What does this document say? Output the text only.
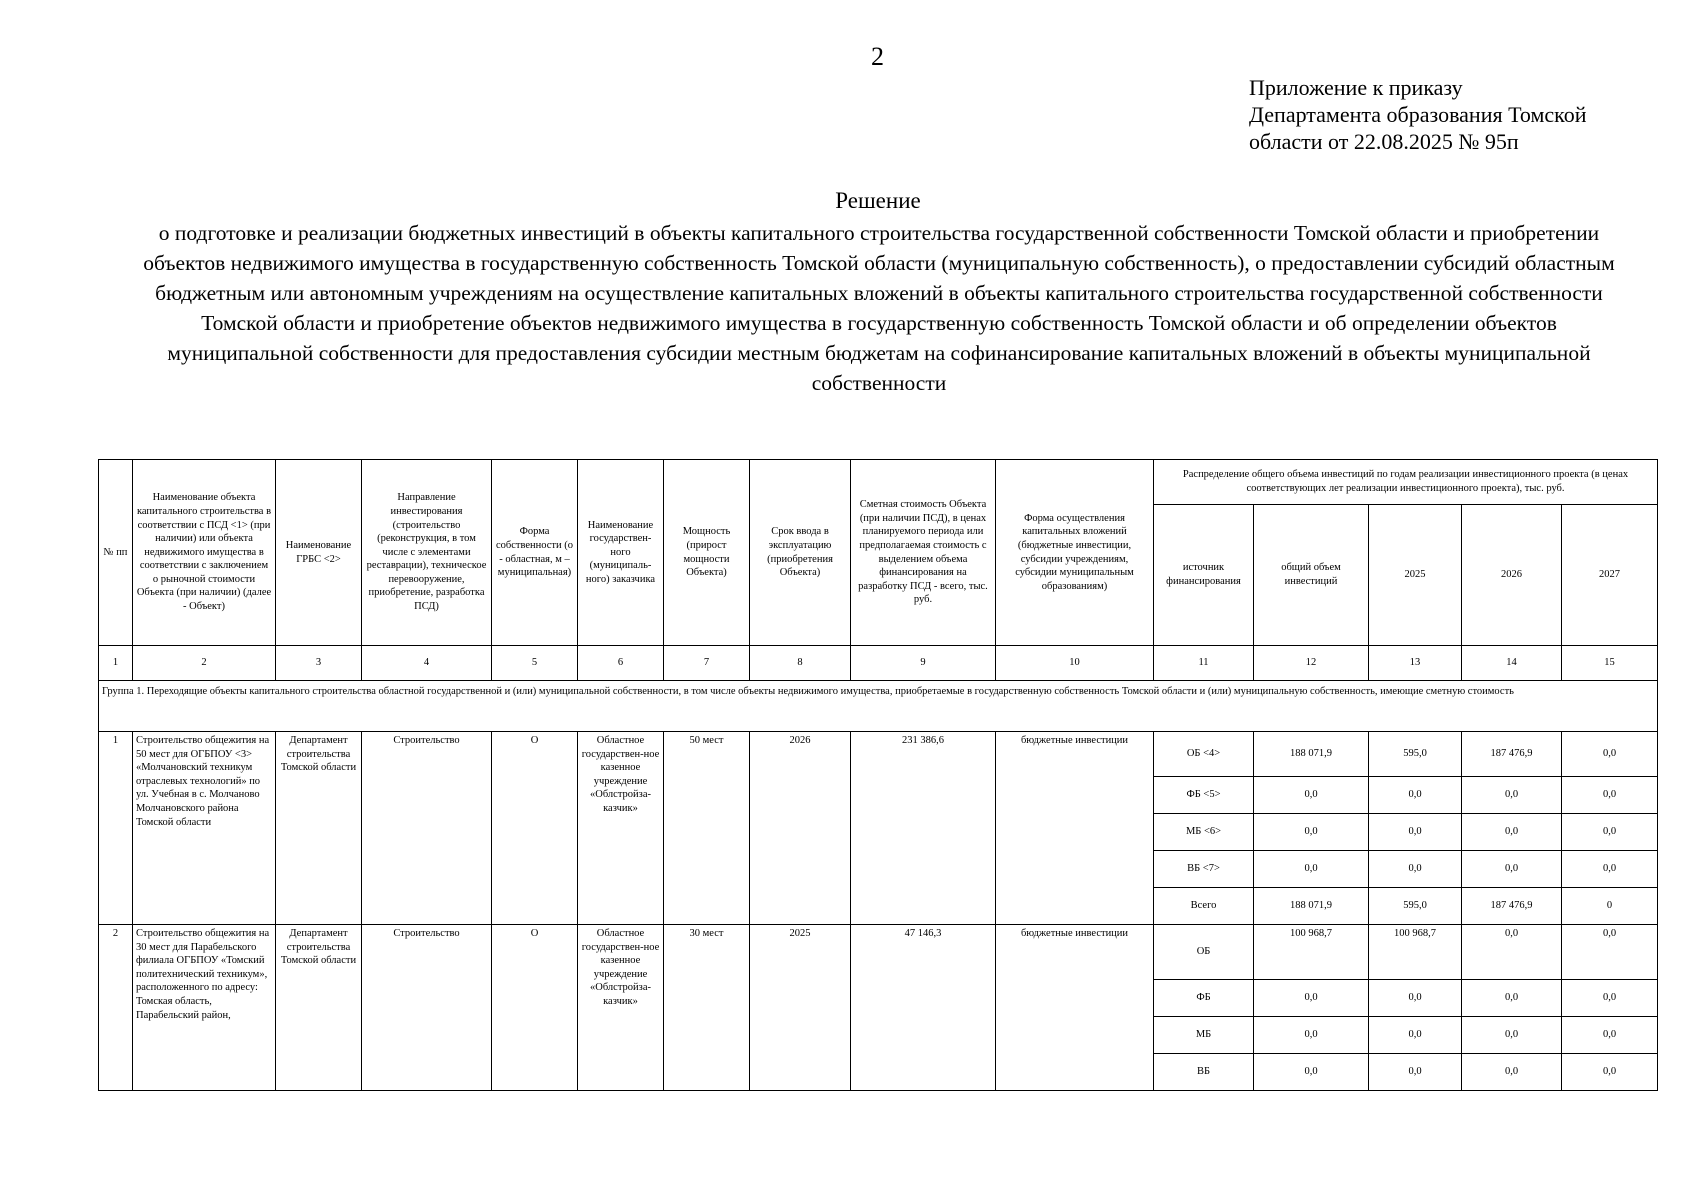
2
Приложение к приказу
Департамента образования Томской
области от 22.08.2025 № 95п
Решение
о подготовке и реализации бюджетных инвестиций в объекты капитального строительства государственной собственности Томской области и приобретении объектов недвижимого имущества в государственную собственность Томской области (муниципальную собственность), о предоставлении субсидий областным бюджетным или автономным учреждениям на осуществление капитальных вложений в объекты капитального строительства государственной собственности Томской области и приобретение объектов недвижимого имущества в государственную собственность Томской области и об определении объектов муниципальной собственности для предоставления субсидии местным бюджетам на софинансирование капитальных вложений в объекты муниципальной собственности
№ пп	Наименование объекта капитального строительства в соответствии с ПСД <1> (при наличии) или объекта недвижимого имущества в соответствии с заключением о рыночной стоимости Объекта (при наличии) (далее - Объект)	Наименование ГРБС <2>	Направление инвестирования (строительство (реконструкция, в том числе с элементами реставрации), техническое перевооружение, приобретение, разработка ПСД)	Форма собственности (о - областная, м – муниципальная)	Наименование государствен-ного (муниципаль-ного) заказчика	Мощность (прирост мощности Объекта)	Срок ввода в эксплуатацию (приобретения Объекта)	Сметная стоимость Объекта (при наличии ПСД), в ценах планируемого периода или предполагаемая стоимость с выделением объема финансирования на разработку ПСД - всего, тыс. руб.	Форма осуществления капитальных вложений (бюджетные инвестиции, субсидии учреждениям, субсидии муниципальным образованиям)	Распределение общего объема инвестиций по годам реализации инвестиционного проекта (в ценах соответствующих лет реализации инвестиционного проекта), тыс. руб.				
										источник финансирования	общий объем инвестиций	2025	2026	2027
1	2	3	4	5	6	7	8	9	10	11	12	13	14	15
Группа 1. Переходящие объекты капитального строительства областной государственной и (или) муниципальной собственности, в том числе объекты недвижимого имущества, приобретаемые в государственную собственность Томской области и (или) муниципальную собственность, имеющие сметную стоимость														
1	Строительство общежития на 50 мест для ОГБПОУ <3> «Молчановский техникум отраслевых технологий» по ул. Учебная в с. Молчаново Молчановского района Томской области	Департамент строительства Томской области	Строительство	О	Областное государствен-ное казенное учреждение «Облстройза-казчик»	50 мест	2026	231 386,6	бюджетные инвестиции	ОБ <4>	188 071,9	595,0	187 476,9	0,0
										ФБ <5>	0,0	0,0	0,0	0,0
										МБ <6>	0,0	0,0	0,0	0,0
										ВБ <7>	0,0	0,0	0,0	0,0
										Всего	188 071,9	595,0	187 476,9	0
2	Строительство общежития на 30 мест для Парабельского филиала ОГБПОУ «Томский политехнический техникум», расположенного по адресу: Томская область, Парабельский район,	Департамент строительства Томской области	Строительство	О	Областное государствен-ное казенное учреждение «Облстройза-казчик»	30 мест	2025	47 146,3	бюджетные инвестиции	ОБ	100 968,7	100 968,7	0,0	0,0
										ФБ	0,0	0,0	0,0	0,0
										МБ	0,0	0,0	0,0	0,0
										ВБ	0,0	0,0	0,0	0,0
